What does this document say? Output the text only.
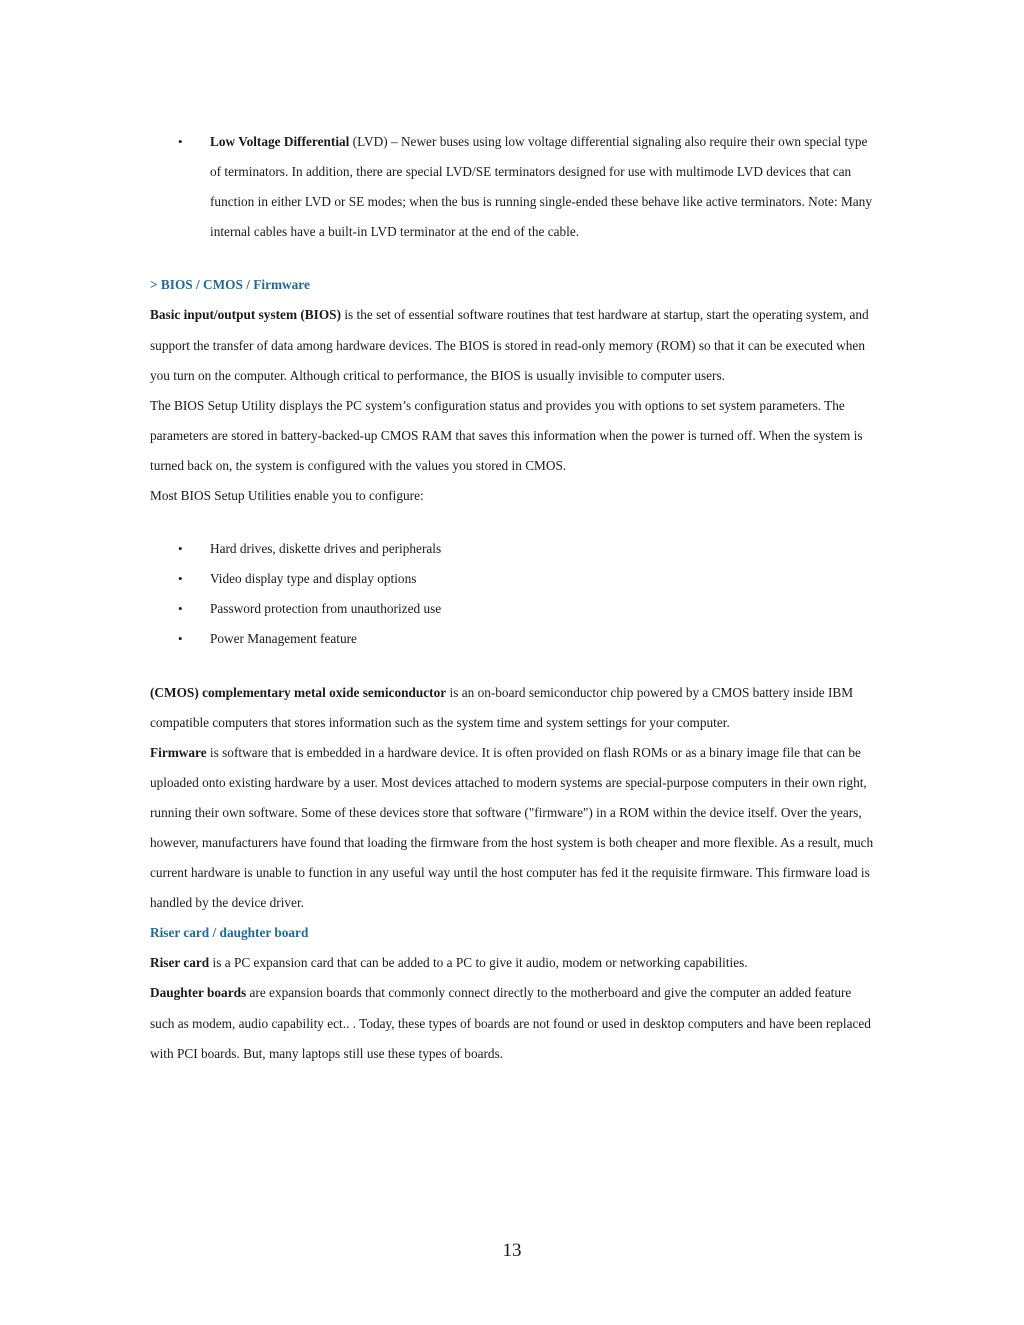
• Low Voltage Differential (LVD) – Newer buses using low voltage differential signaling also require their own special type of terminators. In addition, there are special LVD/SE terminators designed for use with multimode LVD devices that can function in either LVD or SE modes; when the bus is running single-ended these behave like active terminators. Note: Many internal cables have a built-in LVD terminator at the end of the cable.

> BIOS / CMOS / Firmware

Basic input/output system (BIOS) is the set of essential software routines that test hardware at startup, start the operating system, and support the transfer of data among hardware devices. The BIOS is stored in read-only memory (ROM) so that it can be executed when you turn on the computer. Although critical to performance, the BIOS is usually invisible to computer users.

The BIOS Setup Utility displays the PC system’s configuration status and provides you with options to set system parameters. The parameters are stored in battery-backed-up CMOS RAM that saves this information when the power is turned off. When the system is turned back on, the system is configured with the values you stored in CMOS.

Most BIOS Setup Utilities enable you to configure:

• Hard drives, diskette drives and peripherals
• Video display type and display options
• Password protection from unauthorized use
• Power Management feature

(CMOS) complementary metal oxide semiconductor is an on-board semiconductor chip powered by a CMOS battery inside IBM compatible computers that stores information such as the system time and system settings for your computer.

Firmware is software that is embedded in a hardware device. It is often provided on flash ROMs or as a binary image file that can be uploaded onto existing hardware by a user. Most devices attached to modern systems are special-purpose computers in their own right, running their own software. Some of these devices store that software ("firmware") in a ROM within the device itself. Over the years, however, manufacturers have found that loading the firmware from the host system is both cheaper and more flexible. As a result, much current hardware is unable to function in any useful way until the host computer has fed it the requisite firmware. This firmware load is handled by the device driver.

Riser card / daughter board

Riser card is a PC expansion card that can be added to a PC to give it audio, modem or networking capabilities.

Daughter boards are expansion boards that commonly connect directly to the motherboard and give the computer an added feature such as modem, audio capability ect.. . Today, these types of boards are not found or used in desktop computers and have been replaced with PCI boards. But, many laptops still use these types of boards.

13
